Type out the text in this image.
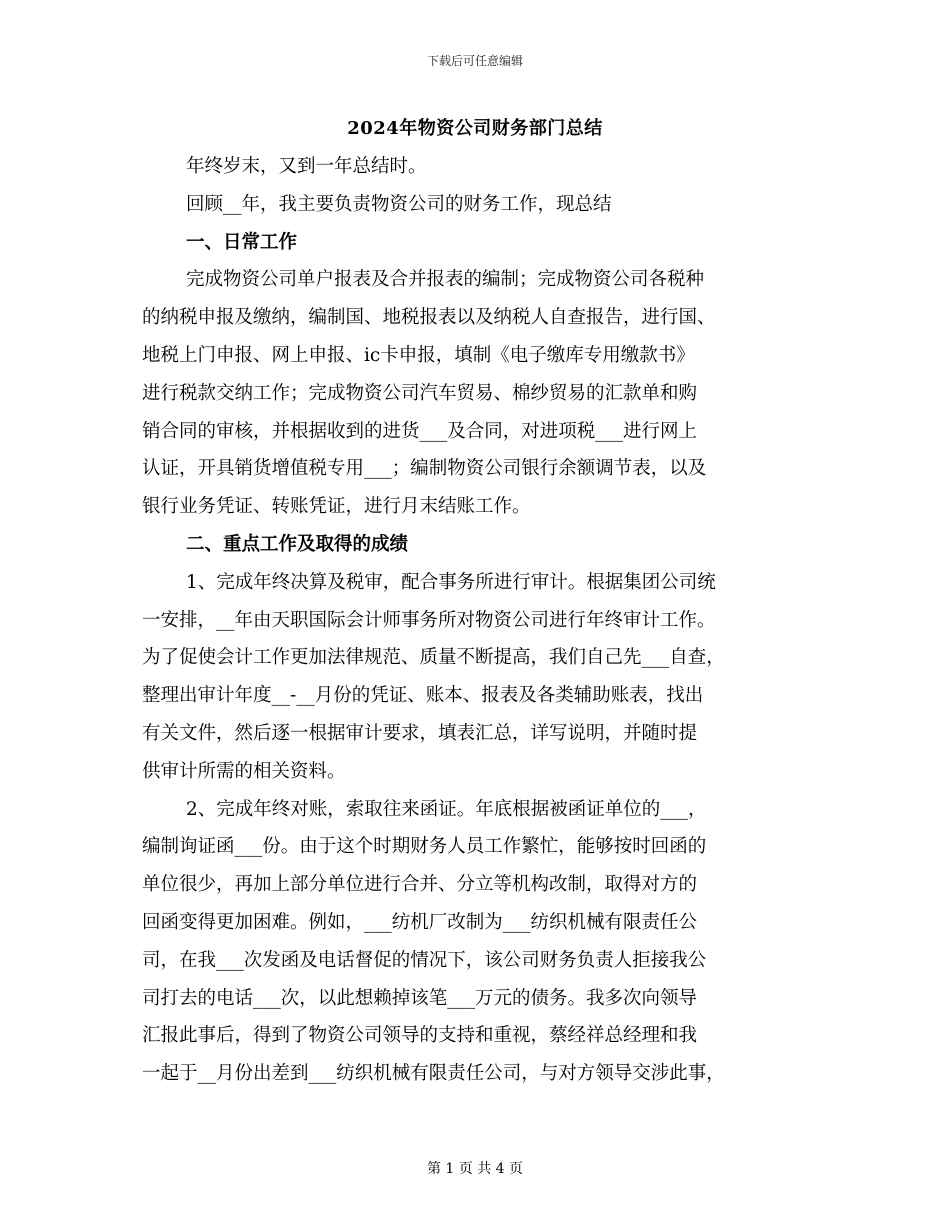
下载后可任意编辑
2024年物资公司财务部门总结
年终岁末，又到一年总结时。
回顾__年，我主要负责物资公司的财务工作，现总结
一、日常工作
完成物资公司单户报表及合并报表的编制；完成物资公司各税种
的纳税申报及缴纳，编制国、地税报表以及纳税人自查报告，进行国、
地税上门申报、网上申报、ic卡申报，填制《电子缴库专用缴款书》
进行税款交纳工作；完成物资公司汽车贸易、棉纱贸易的汇款单和购
销合同的审核，并根据收到的进货___及合同，对进项税___进行网上
认证，开具销货增值税专用___；编制物资公司银行余额调节表，以及
银行业务凭证、转账凭证，进行月末结账工作。
二、重点工作及取得的成绩
1、完成年终决算及税审，配合事务所进行审计。根据集团公司统
一安排，__年由天职国际会计师事务所对物资公司进行年终审计工作。
为了促使会计工作更加法律规范、质量不断提高，我们自己先___自查，
整理出审计年度__-__月份的凭证、账本、报表及各类辅助账表，找出
有关文件，然后逐一根据审计要求，填表汇总，详写说明，并随时提
供审计所需的相关资料。
2、完成年终对账，索取往来函证。年底根据被函证单位的___，
编制询证函___份。由于这个时期财务人员工作繁忙，能够按时回函的
单位很少，再加上部分单位进行合并、分立等机构改制，取得对方的
回函变得更加困难。例如，___纺机厂改制为___纺织机械有限责任公
司，在我___次发函及电话督促的情况下，该公司财务负责人拒接我公
司打去的电话___次，以此想赖掉该笔___万元的债务。我多次向领导
汇报此事后，得到了物资公司领导的支持和重视，蔡经祥总经理和我
一起于__月份出差到___纺织机械有限责任公司，与对方领导交涉此事，
第 1 页 共 4 页
